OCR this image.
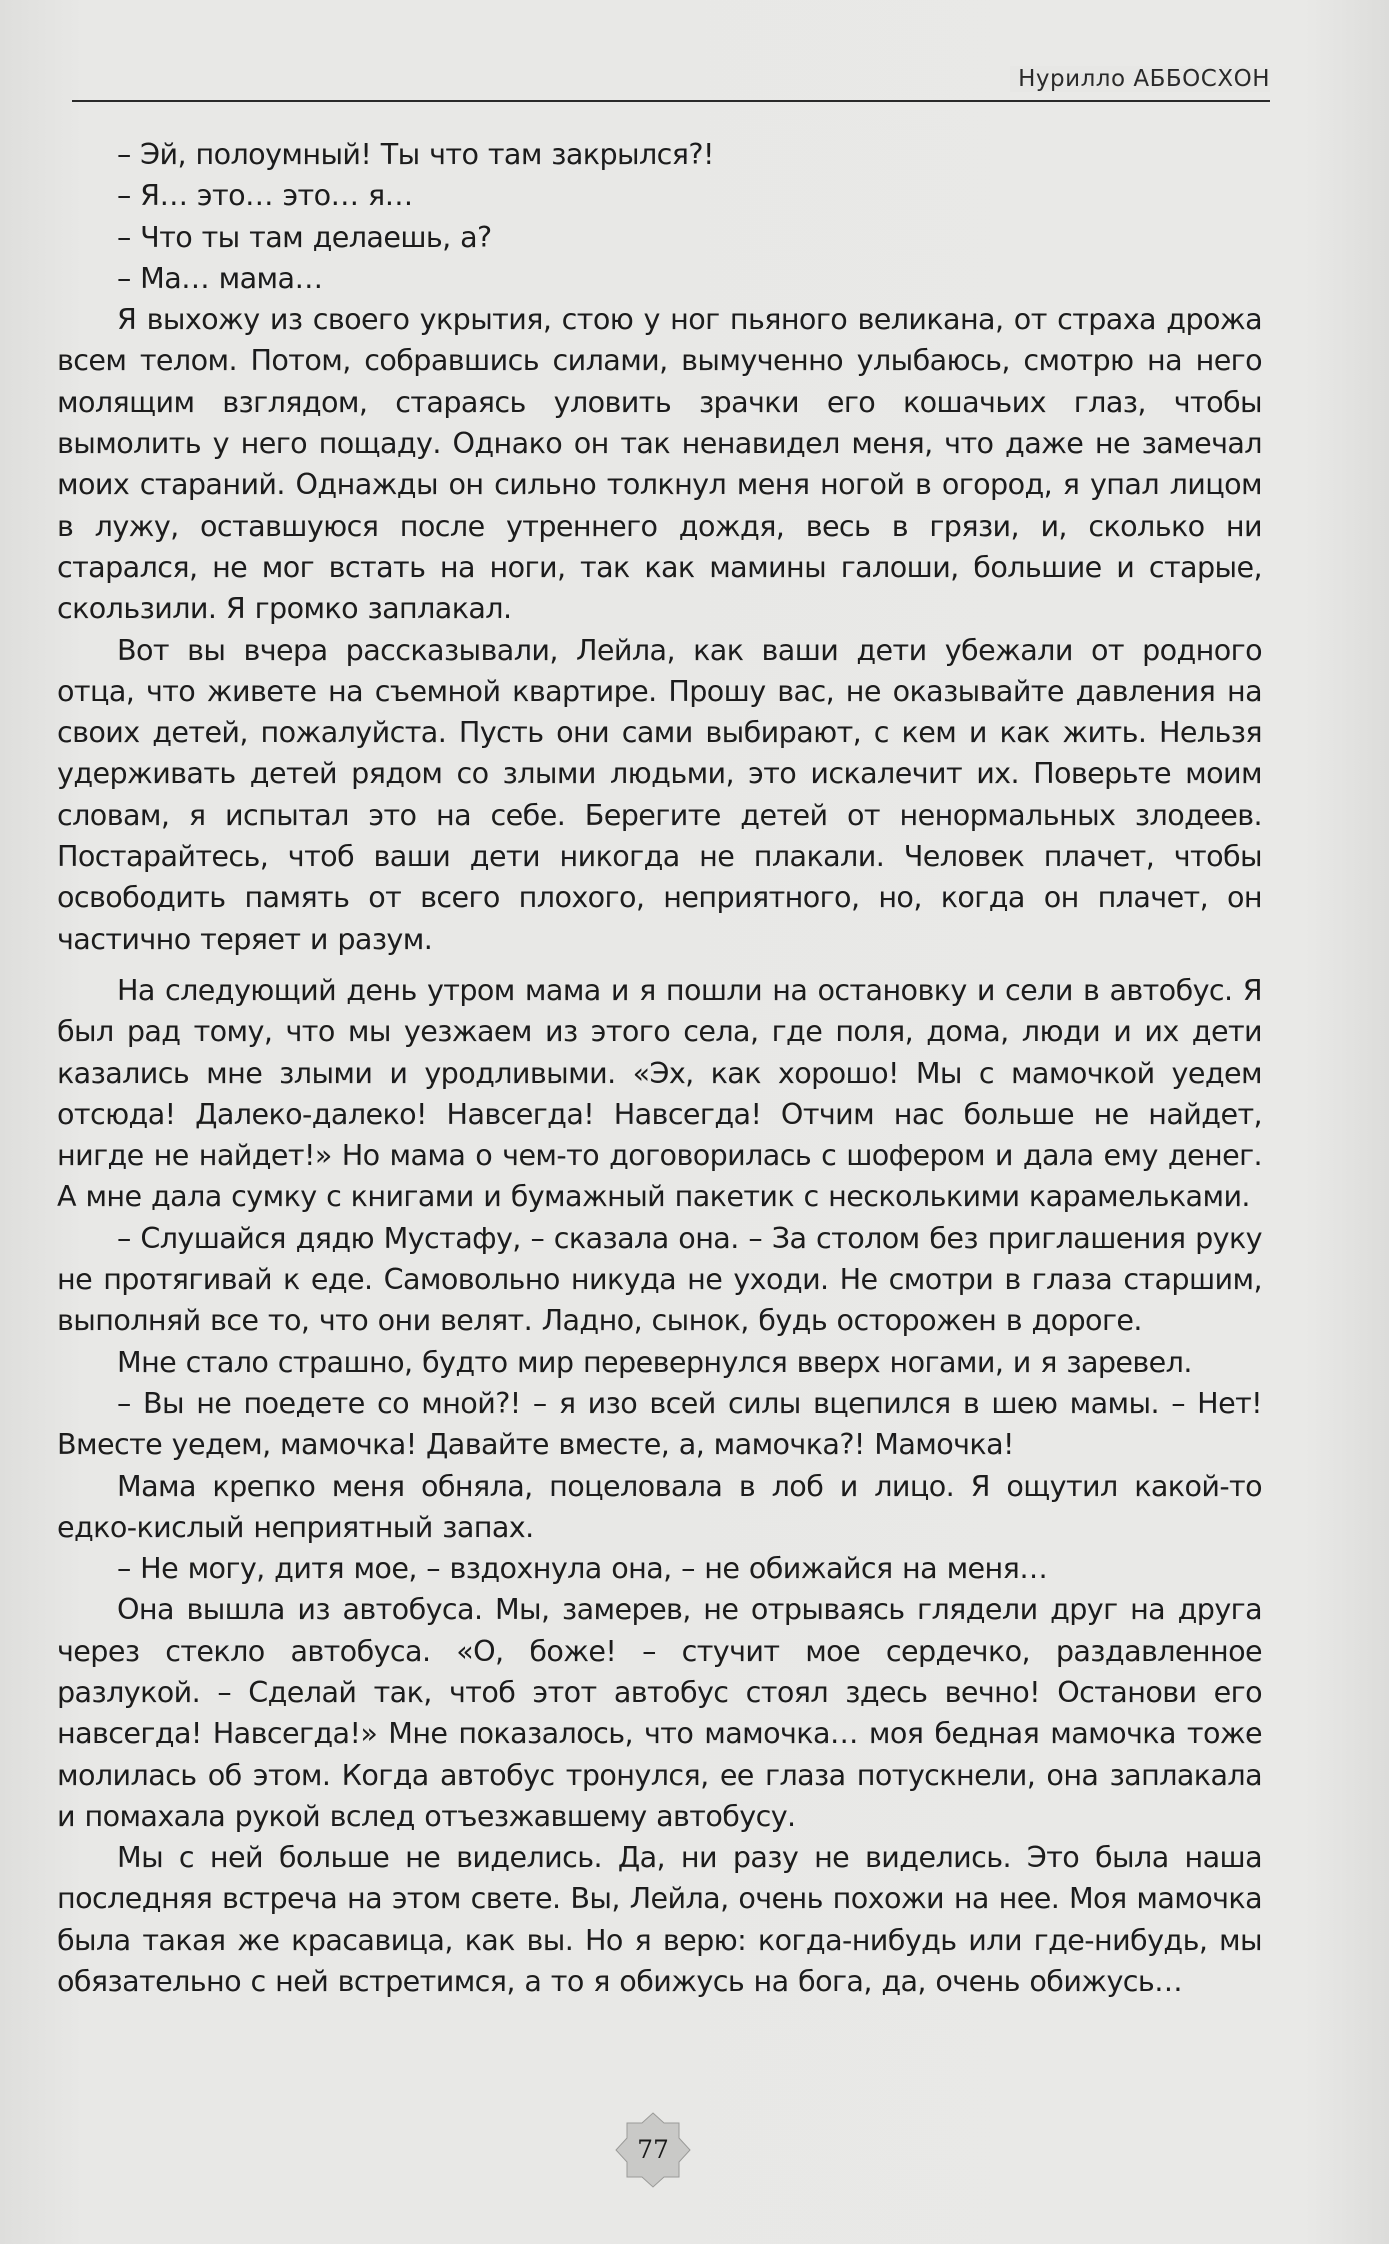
Нурилло АББОСХОН

– Эй, полоумный! Ты что там закрылся?!

– Я… это… это… я…

– Что ты там делаешь, а?

– Ма… мама…

Я выхожу из своего укрытия, стою у ног пьяного великана, от страха дрожа всем телом. Потом, собравшись силами, вымученно улыбаюсь, смотрю на него молящим взглядом, стараясь уловить зрачки его кошачьих глаз, чтобы вымолить у него пощаду. Однако он так ненавидел меня, что даже не замечал моих стараний. Однажды он сильно толкнул меня ногой в огород, я упал лицом в лужу, оставшуюся после утреннего дождя, весь в грязи, и, сколько ни старался, не мог встать на ноги, так как мамины галоши, большие и старые, скользили. Я громко заплакал.

Вот вы вчера рассказывали, Лейла, как ваши дети убежали от родного отца, что живете на съемной квартире. Прошу вас, не оказывайте давления на своих детей, пожалуйста. Пусть они сами выбирают, с кем и как жить. Нельзя удерживать детей рядом со злыми людьми, это искалечит их. Поверьте моим словам, я испытал это на себе. Берегите детей от ненормальных злодеев. Постарайтесь, чтоб ваши дети никогда не плакали. Человек плачет, чтобы освободить память от всего плохого, неприятного, но, когда он плачет, он частично теряет и разум.

На следующий день утром мама и я пошли на остановку и сели в автобус. Я был рад тому, что мы уезжаем из этого села, где поля, дома, люди и их дети казались мне злыми и уродливыми. «Эх, как хорошо! Мы с мамочкой уедем отсюда! Далеко-далеко! Навсегда! Навсегда! Отчим нас больше не найдет, нигде не найдет!» Но мама о чем-то договорилась с шофером и дала ему денег. А мне дала сумку с книгами и бумажный пакетик с несколькими карамельками.

– Слушайся дядю Мустафу, – сказала она. – За столом без приглашения руку не протягивай к еде. Самовольно никуда не уходи. Не смотри в глаза старшим, выполняй все то, что они велят. Ладно, сынок, будь осторожен в дороге.

Мне стало страшно, будто мир перевернулся вверх ногами, и я заревел.

– Вы не поедете со мной?! – я изо всей силы вцепился в шею мамы. – Нет! Вместе уедем, мамочка! Давайте вместе, а, мамочка?! Мамочка!

Мама крепко меня обняла, поцеловала в лоб и лицо. Я ощутил какой-то едко-кислый неприятный запах.

– Не могу, дитя мое, – вздохнула она, – не обижайся на меня…

Она вышла из автобуса. Мы, замерев, не отрываясь глядели друг на друга через стекло автобуса. «О, боже! – стучит мое сердечко, раздавленное разлукой. – Сделай так, чтоб этот автобус стоял здесь вечно! Останови его навсегда! Навсегда!» Мне показалось, что мамочка… моя бедная мамочка тоже молилась об этом. Когда автобус тронулся, ее глаза потускнели, она заплакала и помахала рукой вслед отъезжавшему автобусу.

Мы с ней больше не виделись. Да, ни разу не виделись. Это была наша последняя встреча на этом свете. Вы, Лейла, очень похожи на нее. Моя мамочка была такая же красавица, как вы. Но я верю: когда-нибудь или где-нибудь, мы обязательно с ней встретимся, а то я обижусь на бога, да, очень обижусь…

77
